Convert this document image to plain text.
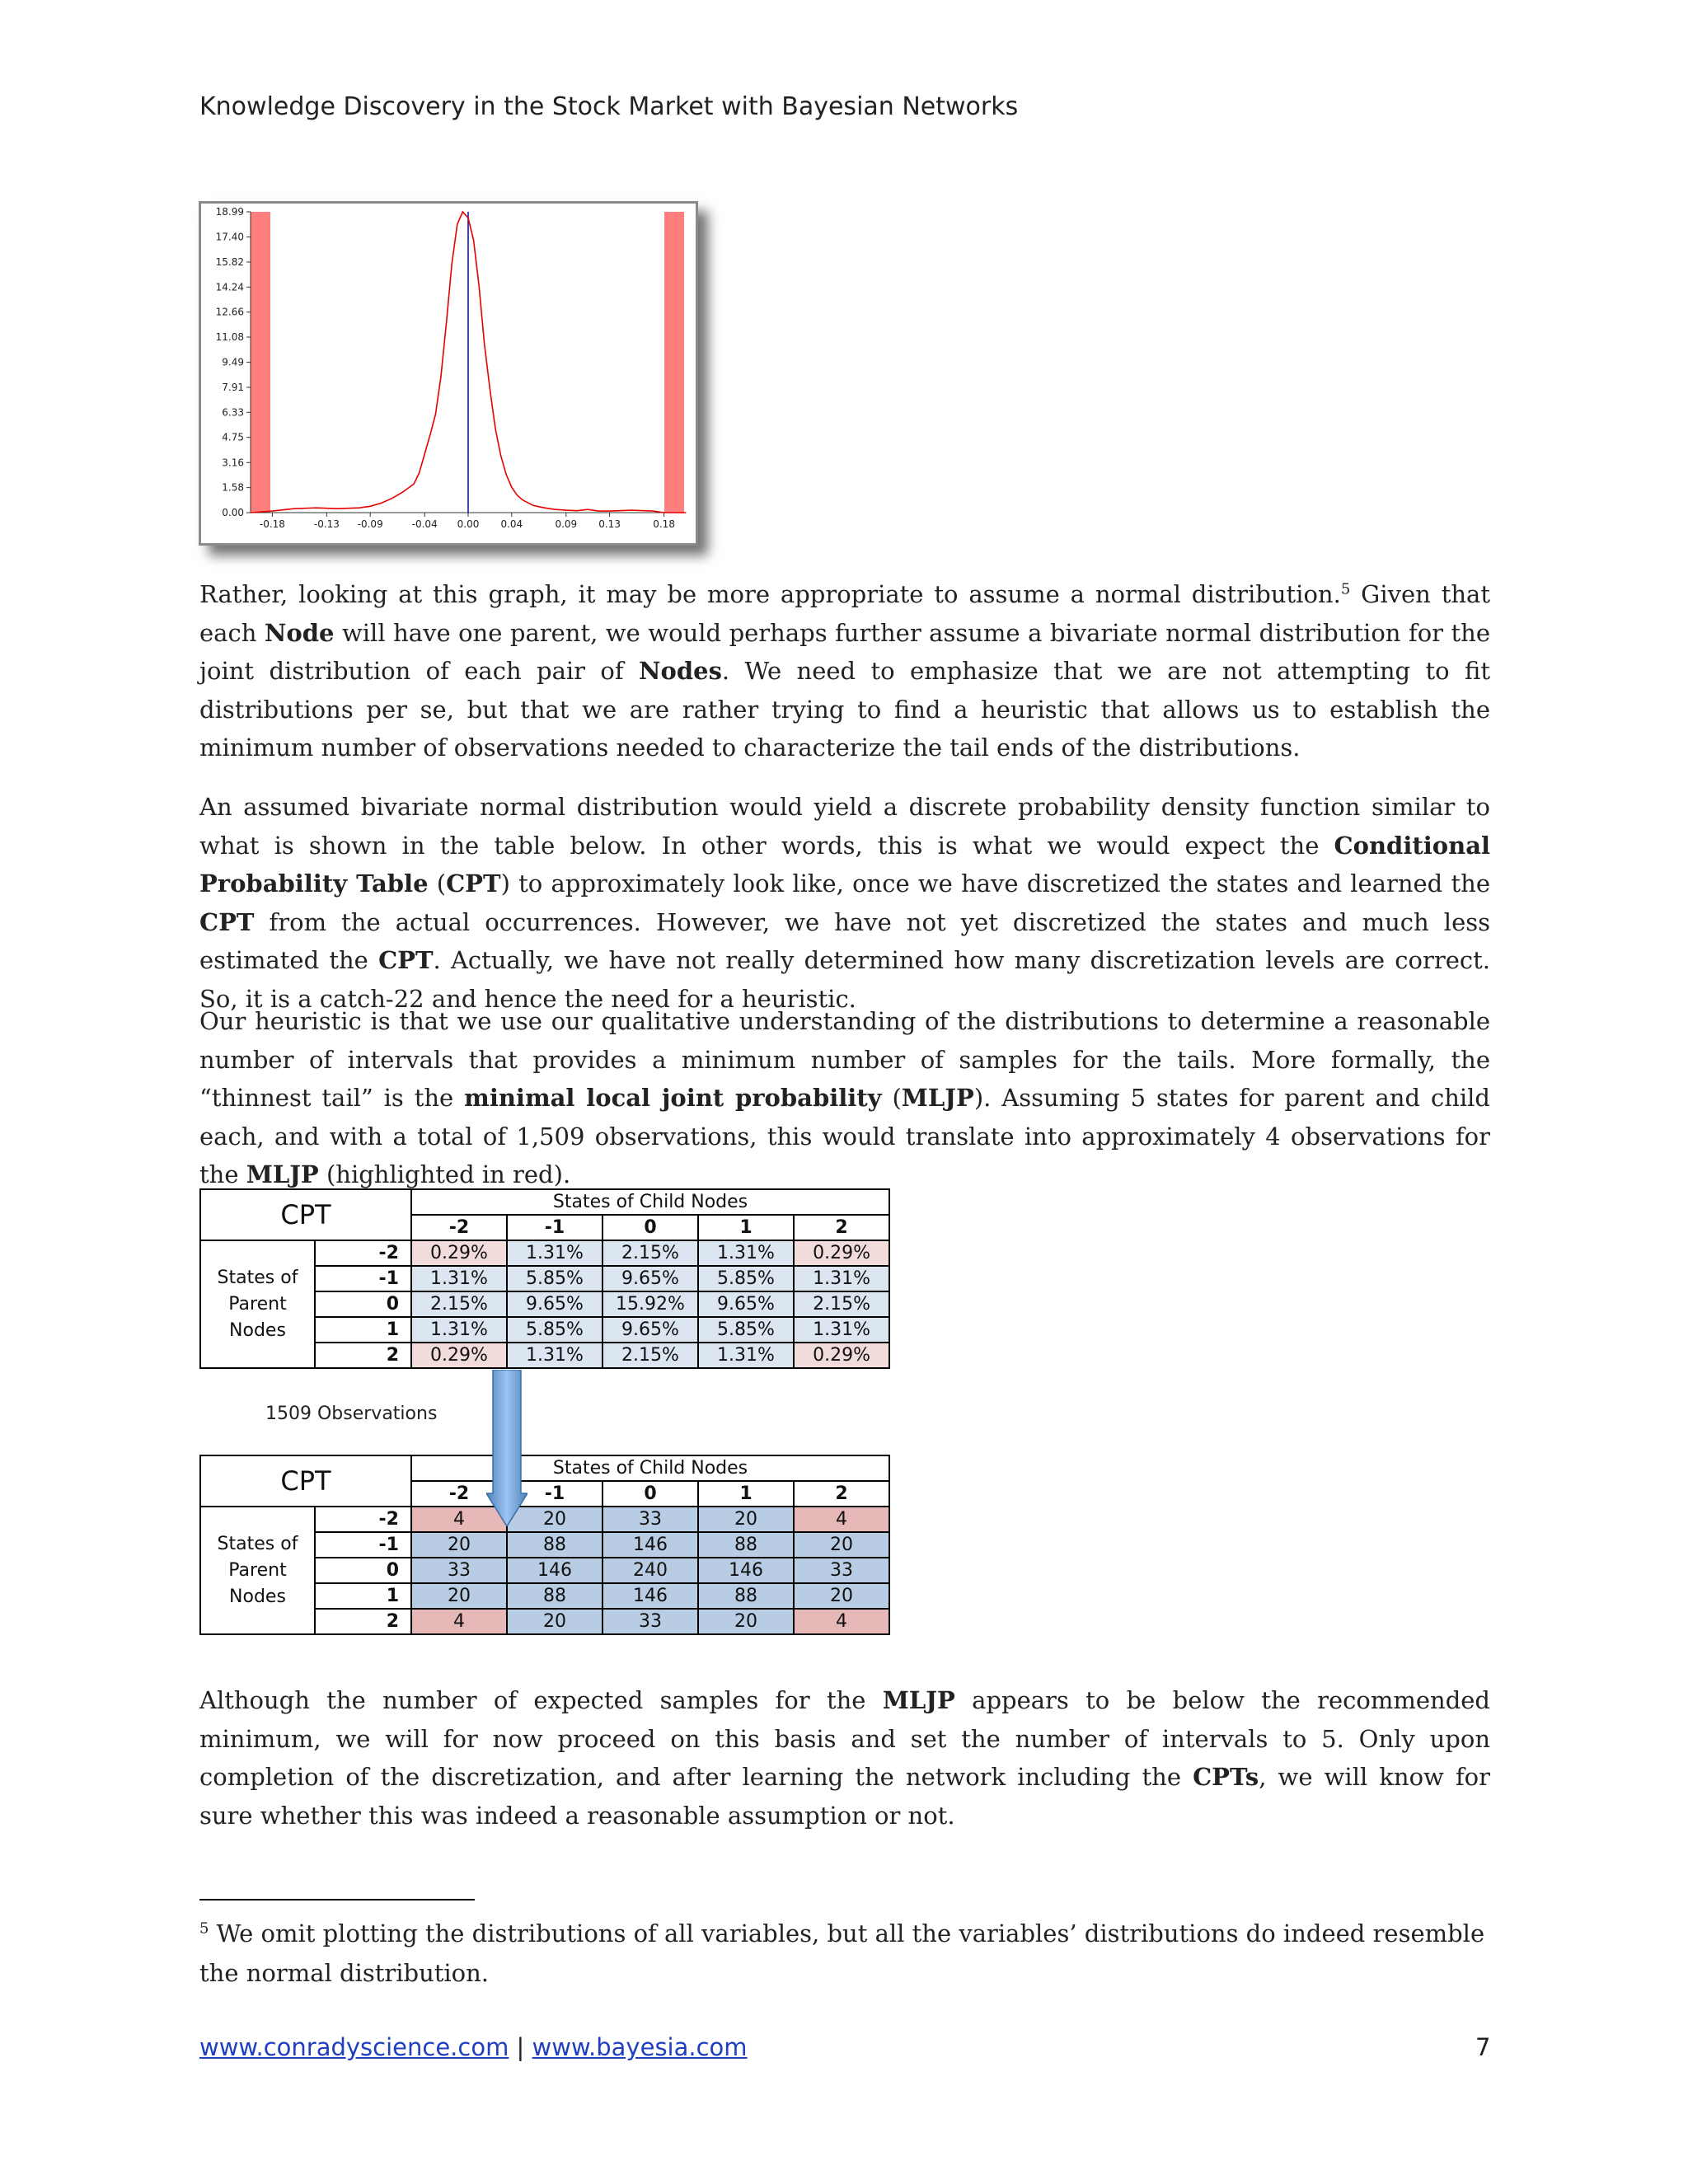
Knowledge Discovery in the Stock Market with Bayesian Networks
0.00
1.58
3.16
4.75
6.33
7.91
9.49
11.08
12.66
14.24
15.82
17.40
18.99
-0.18	-0.13 -0.09	-0.04 0.00 0.04	0.09 0.13	0.18

Rather, looking at this graph, it may be more appropriate to assume a normal distribution.$^5$ Given that each Node will have one parent, we would perhaps further assume a bivariate normal distribution for the joint distribution of each pair of Nodes. We need to emphasize that we are not attempting to fit distributions per se, but that we are rather trying to find a heuristic that allows us to establish the minimum number of observations needed to characterize the tail ends of the distributions.

An assumed bivariate normal distribution would yield a discrete probability density function similar to what is shown in the table below. In other words, this is what we would expect the Conditional Probability Table (CPT) to approximately look like, once we have discretized the states and learned the CPT from the actual occurrences. However, we have not yet discretized the states and much less estimated the CPT. Actually, we have not really determined how many discretization levels are correct. So, it is a catch-22 and hence the need for a heuristic.

Our heuristic is that we use our qualitative understanding of the distributions to determine a reasonable number of intervals that provides a minimum number of samples for the tails. More formally, the “thinnest tail” is the minimal local joint probability (MLJP). Assuming 5 states for parent and child each, and with a total of 1,509 observations, this would translate into approximately 4 observations for the MLJP (highlighted in red).

CPT		States of Child Nodes				
		-2	-1	0	1	2

States of
Parent
Nodes	-2	0.29%	1.31%	2.15%	1.31%	0.29%
	-1	1.31%	5.85%	9.65%	5.85%	1.31%
	0	2.15%	9.65%	15.92%	9.65%	2.15%
	1	1.31%	5.85%	9.65%	5.85%	1.31%
	2	0.29%	1.31%	2.15%	1.31%	0.29%
1509 Observations
CPT		States of Child Nodes				
		-2	-1	0	1	2

States of
Parent
Nodes	-2	4	20	33	20	4
	-1	20	88	146	88	20
	0	33	146	240	146	33
	1	20	88	146	88	20
	2	4	20	33	20	4

Although the number of expected samples for the MLJP appears to be below the recommended minimum, we will for now proceed on this basis and set the number of intervals to 5. Only upon completion of the discretization, and after learning the network including the CPTs, we will know for sure whether this was indeed a reasonable assumption or not.

$^5$ We omit plotting the distributions of all variables, but all the variables’ distributions do indeed resemble the normal distribution.

www.conradyscience.com | www.bayesia.com	7
